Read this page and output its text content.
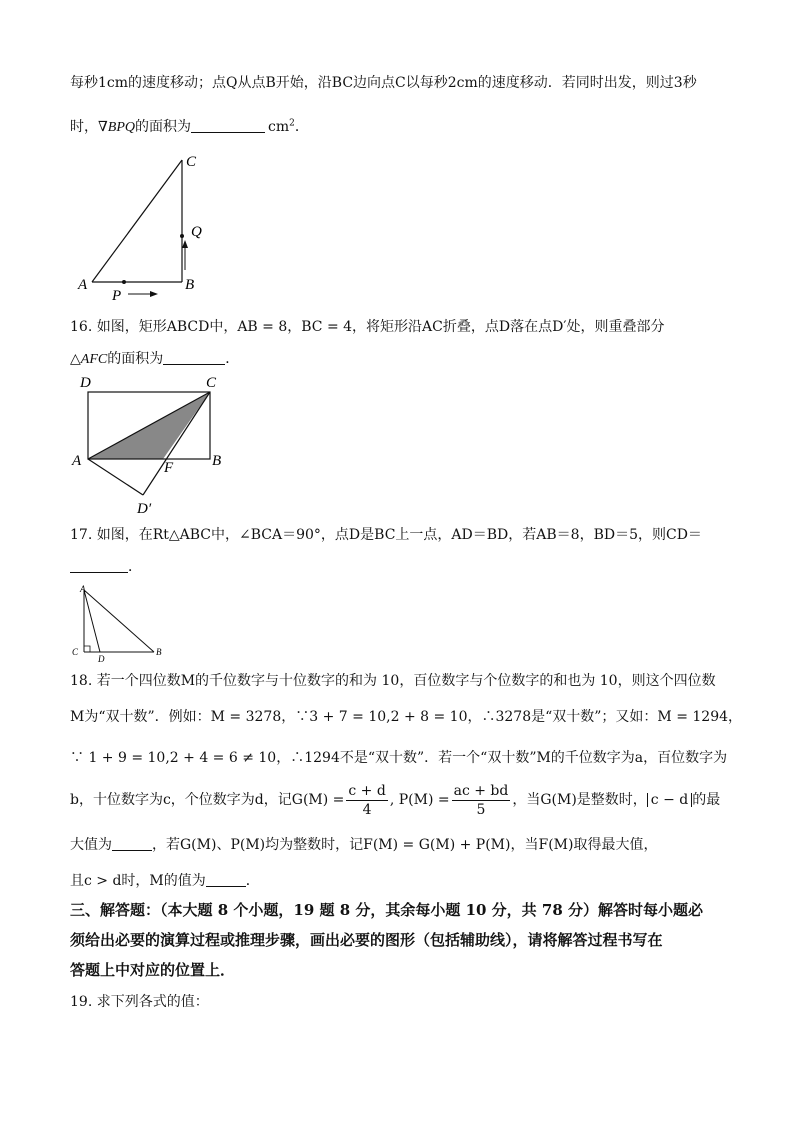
每秒1cm的速度移动；点Q从点B开始，沿BC边向点C以每秒2cm的速度移动．若同时出发，则过3秒
时，∇BPQ的面积为	$cm^2$．
C
Q
A	B
P
16. 如图，矩形ABCD中，AB = 8，BC = 4，将矩形沿AC折叠，点D落在点D′处，则重叠部分
△AFC的面积为	．
D	C
A	F	B
D′
17. 如图，在Rt△ABC中，∠BCA＝90°，点D是BC上一点，AD＝BD，若AB＝8，BD＝5，则CD＝
．
A
C
D
B
18. 若一个四位数M的千位数字与十位数字的和为 10，百位数字与个位数字的和也为 10，则这个四位数
M为“双十数”．例如：M = 3278，∵3 + 7 = 10,2 + 8 = 10，∴3278是“双十数”；又如：M = 1294，
∵ 1 + 9 = 10,2 + 4 = 6 ≠ 10，∴1294不是“双十数”．若一个“双十数”M的千位数字为a，百位数字为
b，十位数字为c，个位数字为d，记$G(M) = \frac{c + d}{4}$ , $P(M) = \frac{ac + bd}{5}$ ，当G(M)是整数时， c − d 的最
大值为	，若G(M)、P(M)均为整数时，记F(M) = G(M) + P(M)，当F(M)取得最大值，
且c > d时，M的值为	．
三、解答题：（本大题 8 个小题，19 题 8 分，其余每小题 10 分，共 78 分）解答时每小题必
须给出必要的演算过程或推理步骤，画出必要的图形（包括辅助线），请将解答过程书写在
答题上中对应的位置上．
19. 求下列各式的值：
